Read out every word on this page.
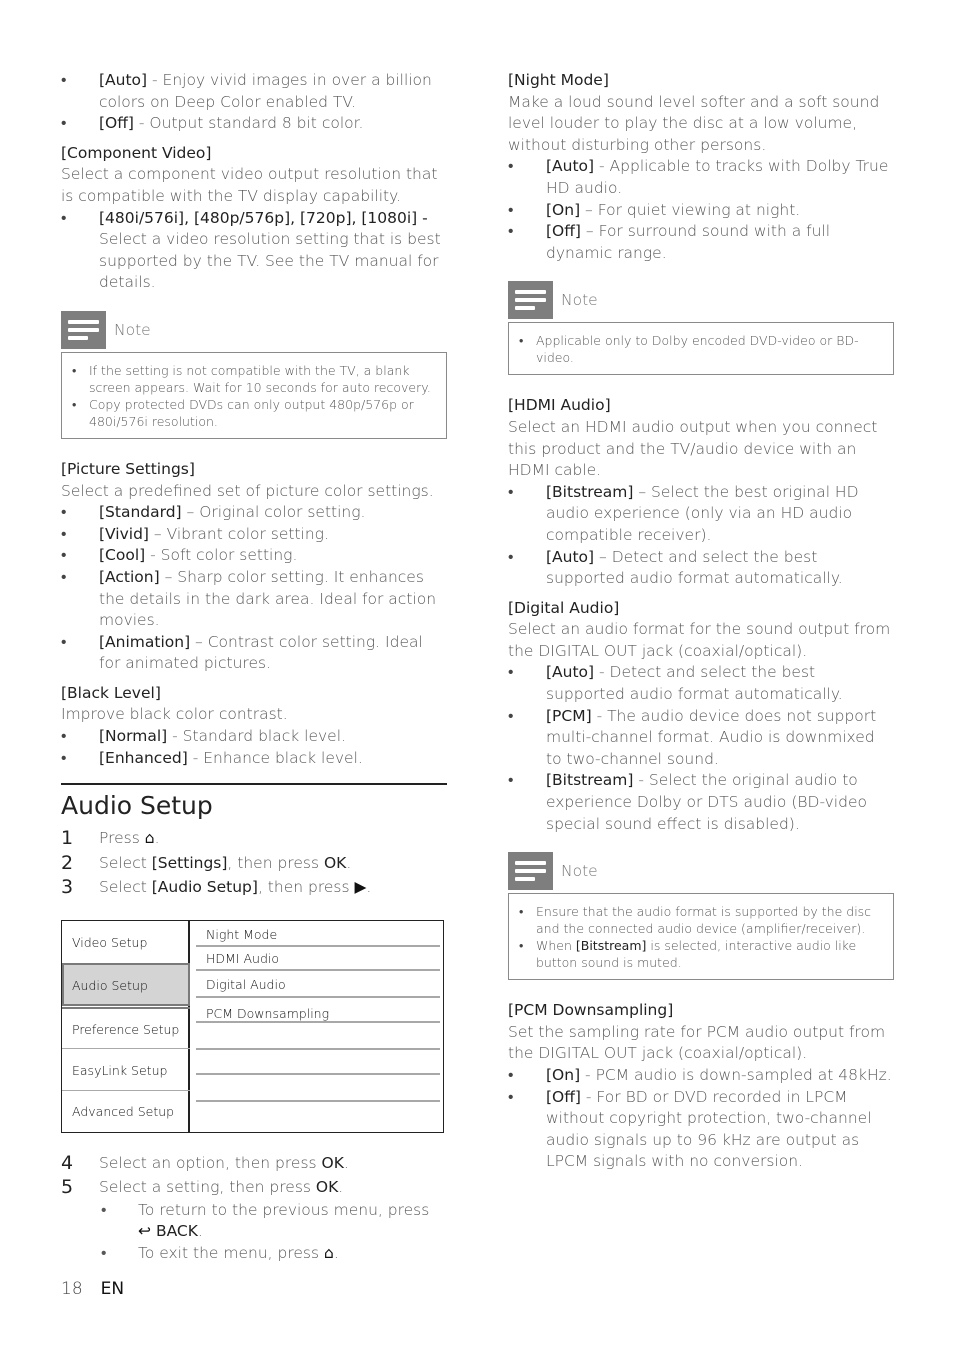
• [Auto] - Enjoy vivid images in over a billion colors on Deep Color enabled TV.
• [Off] - Output standard 8 bit color.
[Component Video]
Select a component video output resolution that is compatible with the TV display capability.
• [480i/576i], [480p/576p], [720p], [1080i] - Select a video resolution setting that is best supported by the TV. See the TV manual for details.
Note
• If the setting is not compatible with the TV, a blank screen appears. Wait for 10 seconds for auto recovery.
• Copy protected DVDs can only output 480p/576p or 480i/576i resolution.
[Picture Settings]
Select a predefined set of picture color settings.
• [Standard] – Original color setting.
• [Vivid] – Vibrant color setting.
• [Cool] - Soft color setting.
• [Action] – Sharp color setting. It enhances the details in the dark area. Ideal for action movies.
• [Animation] – Contrast color setting. Ideal for animated pictures.
[Black Level]
Improve black color contrast.
• [Normal] - Standard black level.
• [Enhanced] - Enhance black level.
Audio Setup
1 Press ⌂.
2 Select [Settings], then press OK.
3 Select [Audio Setup], then press ▶.
Video Setup
Audio Setup
Preference Setup
EasyLink Setup
Advanced Setup
Night Mode
HDMI Audio
Digital Audio
PCM Downsampling
4 Select an option, then press OK.
5 Select a setting, then press OK.
• To return to the previous menu, press ↩ BACK.
• To exit the menu, press ⌂.
[Night Mode]
Make a loud sound level softer and a soft sound level louder to play the disc at a low volume, without disturbing other persons.
• [Auto] - Applicable to tracks with Dolby True HD audio.
• [On] – For quiet viewing at night.
• [Off] – For surround sound with a full dynamic range.
Note
• Applicable only to Dolby encoded DVD-video or BD-video.
[HDMI Audio]
Select an HDMI audio output when you connect this product and the TV/audio device with an HDMI cable.
• [Bitstream] – Select the best original HD audio experience (only via an HD audio compatible receiver).
• [Auto] – Detect and select the best supported audio format automatically.
[Digital Audio]
Select an audio format for the sound output from the DIGITAL OUT jack (coaxial/optical).
• [Auto] - Detect and select the best supported audio format automatically.
• [PCM] - The audio device does not support multi-channel format. Audio is downmixed to two-channel sound.
• [Bitstream] - Select the original audio to experience Dolby or DTS audio (BD-video special sound effect is disabled).
Note
• Ensure that the audio format is supported by the disc and the connected audio device (amplifier/receiver).
• When [Bitstream] is selected, interactive audio like button sound is muted.
[PCM Downsampling]
Set the sampling rate for PCM audio output from the DIGITAL OUT jack (coaxial/optical).
• [On] - PCM audio is down-sampled at 48kHz.
• [Off] - For BD or DVD recorded in LPCM without copyright protection, two-channel audio signals up to 96 kHz are output as LPCM signals with no conversion.
18 EN
